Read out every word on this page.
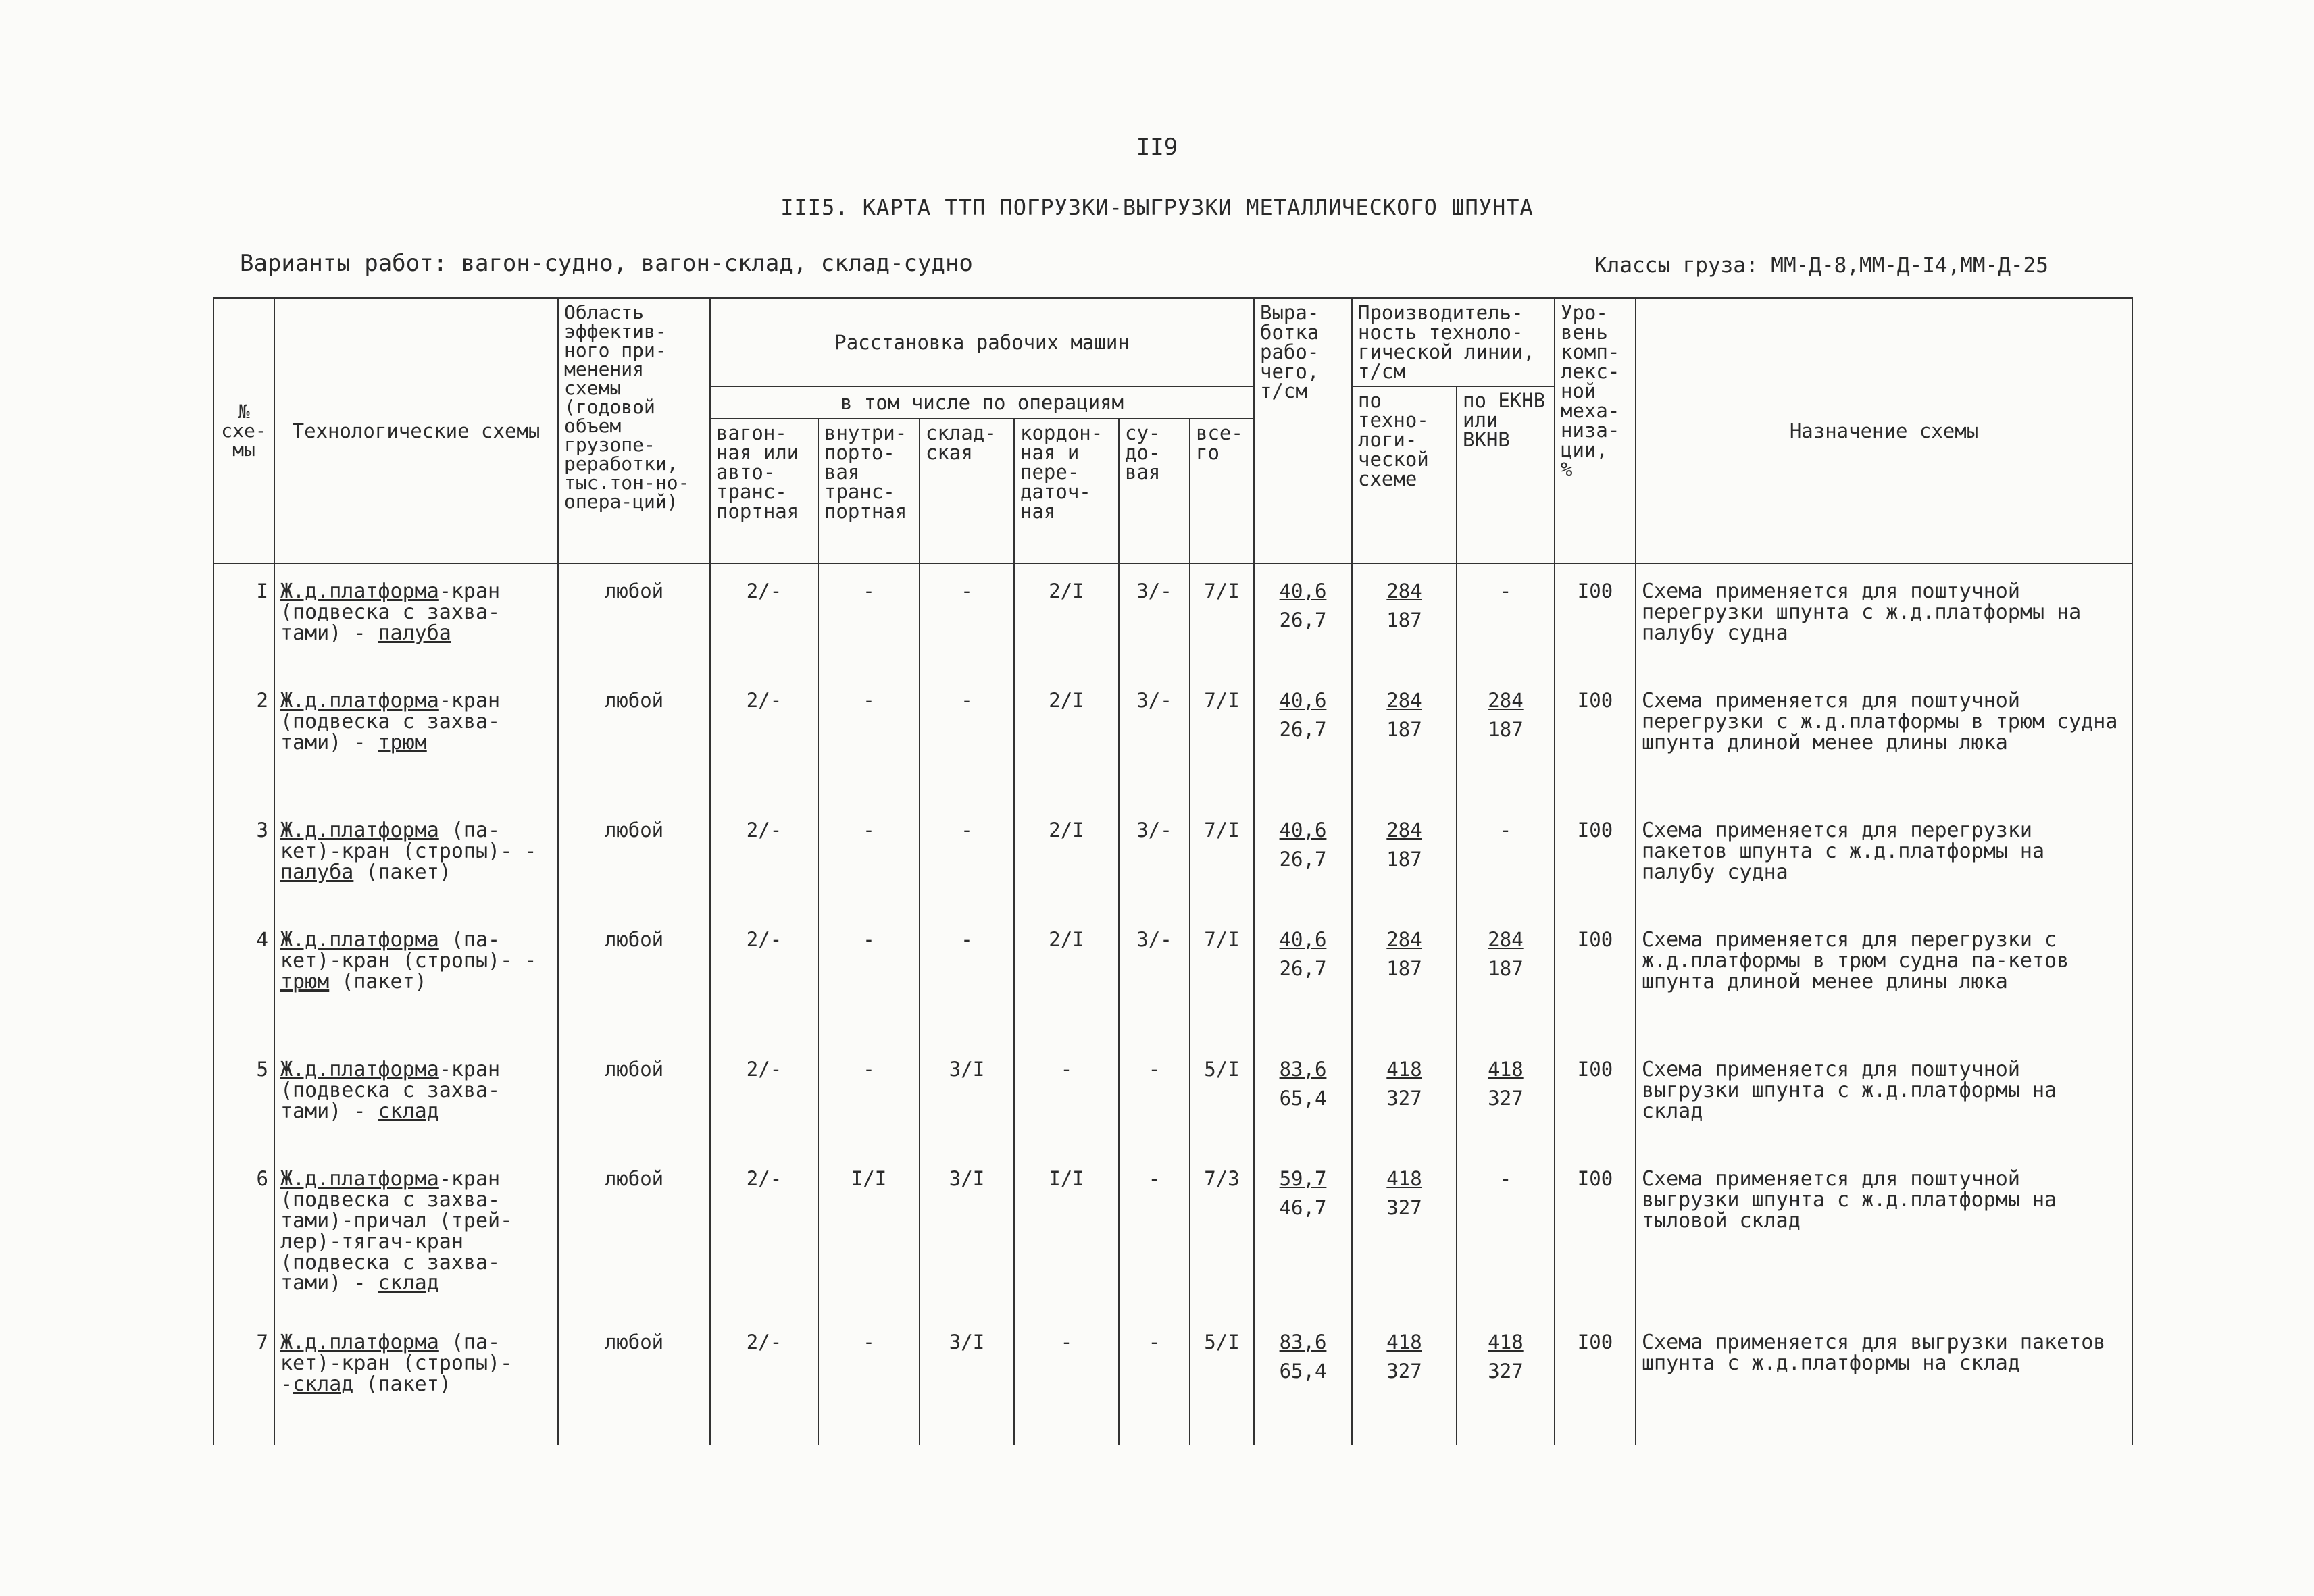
II9
III5. КАРТА ТТП ПОГРУЗКИ-ВЫГРУЗКИ МЕТАЛЛИЧЕСКОГО ШПУНТА
Варианты работ: вагон-судно, вагон-склад, склад-судно	Классы груза: ММ-Д-8,ММ-Д-I4,ММ-Д-25
№ схе-мы	Технологические схемы	Область эффектив-ного при-менения схемы (годовой объем грузопе-реработки, тыс.тон-но-опера-ций)	Расстановка рабочих машин						Выра-ботка рабо-чего, т/см	Производитель-ность техноло-гической линии, т/см		Уро-вень комп-лекс-ной меха-низа-ции, %	Назначение схемы
			в том числе по операциям							по техно-логи-ческой схеме	по ЕКНВ или ВКНВ		
			вагон-ная или авто-транс-портная	внутри-порто-вая транс-портная	склад-ская	кордон-ная и пере-даточ-ная	су-до-вая	все-го					
I	Ж.д.платформа-кран (подвеска с захва-тами) - палуба	любой	2/-	-	-	2/I	3/-	7/I	$\frac{40,6}{26,7}$	$\frac{284}{187}$	-	I00	Схема применяется для поштучной перегрузки шпунта с ж.д.платформы на палубу судна
2	Ж.д.платформа-кран (подвеска с захва-тами) - трюм	любой	2/-	-	-	2/I	3/-	7/I	$\frac{40,6}{26,7}$	$\frac{284}{187}$	$\frac{284}{187}$	I00	Схема применяется для поштучной перегрузки с ж.д.платформы в трюм судна шпунта длиной менее длины люка
3	Ж.д.платформа (па-кет)-кран (стропы)- - палуба (пакет)	любой	2/-	-	-	2/I	3/-	7/I	$\frac{40,6}{26,7}$	$\frac{284}{187}$	-	I00	Схема применяется для перегрузки пакетов шпунта с ж.д.платформы на палубу судна
4	Ж.д.платформа (па-кет)-кран (стропы)- - трюм (пакет)	любой	2/-	-	-	2/I	3/-	7/I	$\frac{40,6}{26,7}$	$\frac{284}{187}$	$\frac{284}{187}$	I00	Схема применяется для перегрузки с ж.д.платформы в трюм судна па-кетов шпунта длиной менее длины люка
5	Ж.д.платформа-кран (подвеска с захва-тами) - склад	любой	2/-	-	3/I	-	-	5/I	$\frac{83,6}{65,4}$	$\frac{418}{327}$	$\frac{418}{327}$	I00	Схема применяется для поштучной выгрузки шпунта с ж.д.платформы на склад
6	Ж.д.платформа-кран (подвеска с захва-тами)-причал (трей-лер)-тягач-кран (подвеска с захва-тами) - склад	любой	2/-	I/I	3/I	I/I	-	7/3	$\frac{59,7}{46,7}$	$\frac{418}{327}$	-	I00	Схема применяется для поштучной выгрузки шпунта с ж.д.платформы на тыловой склад
7	Ж.д.платформа (па-кет)-кран (стропы)- -склад (пакет)	любой	2/-	-	3/I	-	-	5/I	$\frac{83,6}{65,4}$	$\frac{418}{327}$	$\frac{418}{327}$	I00	Схема применяется для выгрузки пакетов шпунта с ж.д.платформы на склад
